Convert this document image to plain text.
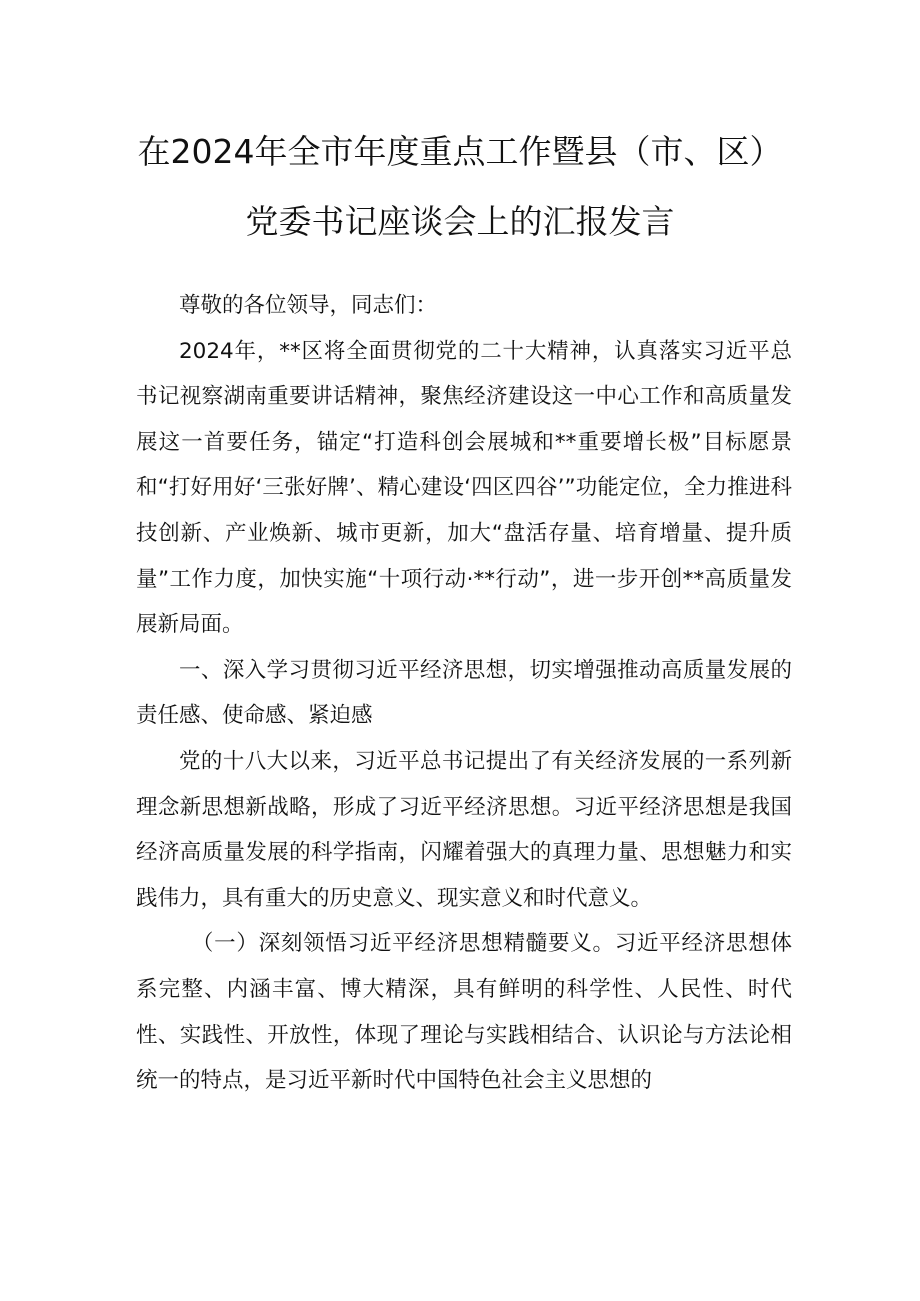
在2024年全市年度重点工作暨县（市、区）
党委书记座谈会上的汇报发言

尊敬的各位领导，同志们：

2024年，**区将全面贯彻党的二十大精神，认真落实习近平总书记视察湖南重要讲话精神，聚焦经济建设这一中心工作和高质量发展这一首要任务，锚定“打造科创会展城和**重要增长极”目标愿景和“打好用好‘三张好牌’、精心建设‘四区四谷’”功能定位，全力推进科技创新、产业焕新、城市更新，加大“盘活存量、培育增量、提升质量”工作力度，加快实施“十项行动·**行动”，进一步开创**高质量发展新局面。

一、深入学习贯彻习近平经济思想，切实增强推动高质量发展的责任感、使命感、紧迫感

党的十八大以来，习近平总书记提出了有关经济发展的一系列新理念新思想新战略，形成了习近平经济思想。习近平经济思想是我国经济高质量发展的科学指南，闪耀着强大的真理力量、思想魅力和实践伟力，具有重大的历史意义、现实意义和时代意义。

（一）深刻领悟习近平经济思想精髓要义。习近平经济思想体系完整、内涵丰富、博大精深，具有鲜明的科学性、人民性、时代性、实践性、开放性，体现了理论与实践相结合、认识论与方法论相统一的特点，是习近平新时代中国特色社会主义思想的
